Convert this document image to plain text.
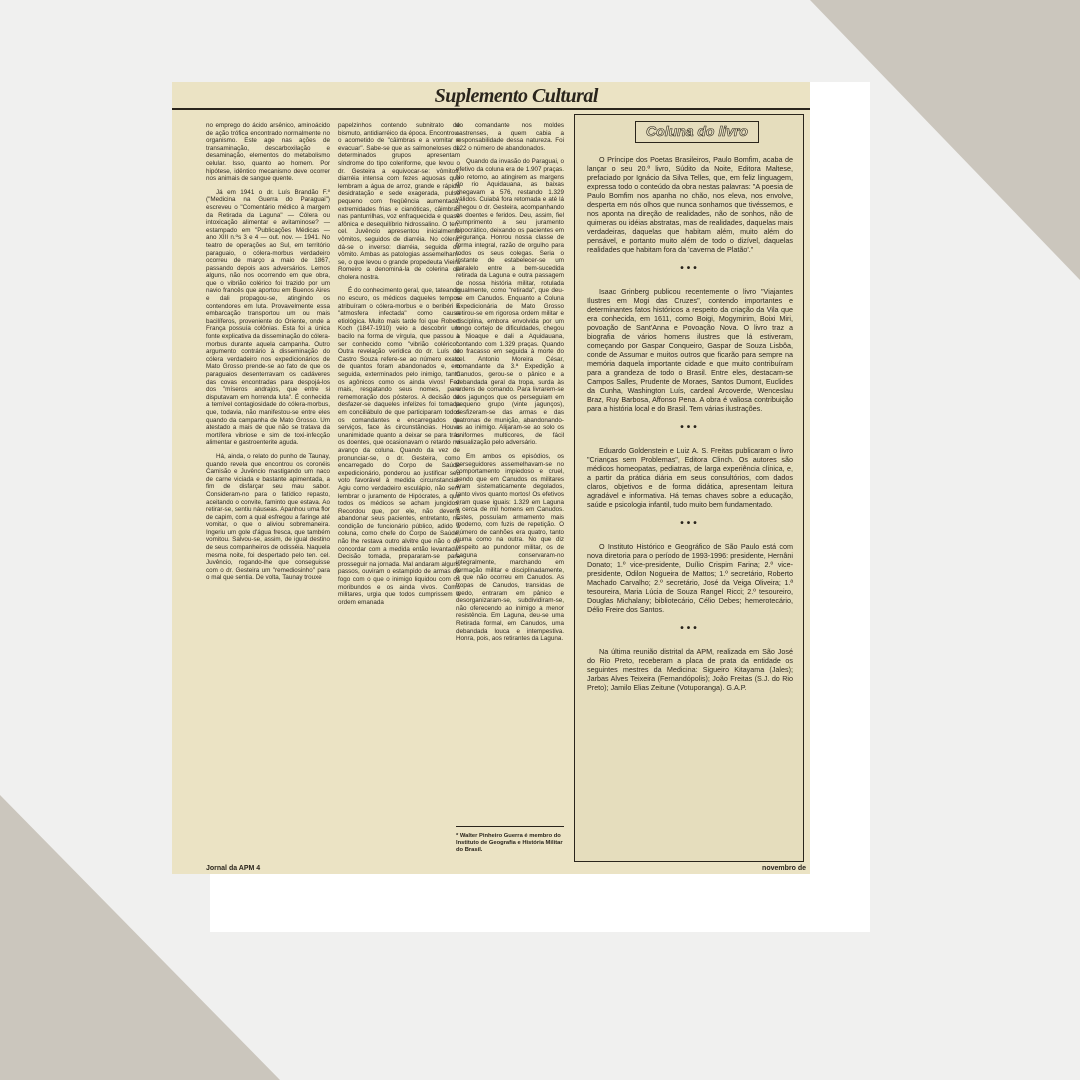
Suplemento Cultural

no emprego do ácido arsênico, aminoácido de ação trófica encontrado normalmente no organismo. Este age nas ações de transaminação, descarboxilação e desaminação, elementos do metabolismo celular. Isso, quanto ao homem. Por hipótese, idêntico mecanismo deve ocorrer nos animais de sangue quente.

Já em 1941 o dr. Luís Brandão F.º ("Medicina na Guerra do Paraguai") escreveu o "Comentário médico à margem da Retirada da Laguna" — Cólera ou intoxicação alimentar e avitaminose? — estampado em "Publicações Médicas — ano XIII n.ºs 3 e 4 — out. nov. — 1941. No teatro de operações ao Sul, em território paraguaio, o cólera-morbus verdadeiro ocorreu de março a maio de 1867, passando depois aos adversários. Lemos alguns, não nos ocorrendo em que obra, que o vibrião colérico foi trazido por um navio francês que aportou em Buenos Aires e dali propagou-se, atingindo os contendores em luta. Provavelmente essa embarcação transportou um ou mais bacilíferos, proveniente do Oriente, onde a França possuía colônias. Esta foi a única fonte explicativa da disseminação do cólera-morbus durante aquela campanha. Outro argumento contrário à disseminação do cólera verdadeiro nos expedicionários de Mato Grosso prende-se ao fato de que os paraguaios desenterravam os cadáveres das covas encontradas para despojá-los dos "míseros andrajos, que entre si disputavam em horrenda luta". É conhecida a temível contagiosidade do cólera-morbus, que, todavia, não manifestou-se entre eles quando da campanha de Mato Grosso. Um atestado a mais de que não se tratava da mortífera vibriose e sim de toxi-infecção alimentar e gastroenterite aguda.

Há, ainda, o relato do punho de Taunay, quando revela que encontrou os coronéis Camisão e Juvêncio mastigando um naco de carne viciada e bastante apimentada, a fim de disfarçar seu mau sabor. Consideram-no para o fatídico repasto, aceitando o convite, faminto que estava. Ao retirar-se, sentiu náuseas. Apanhou uma flor de capim, com a qual esfregou a faringe até vomitar, o que o aliviou sobremaneira. Ingeriu um gole d'água fresca, que também vomitou. Salvou-se, assim, de igual destino de seus companheiros de odisséia. Naquela mesma noite, foi despertado pelo ten. cel. Juvêncio, rogando-lhe que conseguisse com o dr. Gesteira um "remediosinho" para o mal que sentia. De volta, Taunay trouxe

papelzinhos contendo subnitrato de bismuto, antidiarréico da época. Encontrou-o acometido de "câimbras e a vomitar e evacuar". Sabe-se que as salmoneloses de determinados grupos apresentam síndrome do tipo coleriforme, que levou o dr. Gesteira a equivocar-se: vômitos, diarréia intensa com fezes aquosas que lembram a água de arroz, grande e rápida desidratação e sede exagerada, pulso pequeno com freqüência aumentada, extremidades frias e cianóticas, câimbras nas panturrilhas, voz enfraquecida e quase afônica e desequilíbrio hidrossalino. O ten. cel. Juvêncio apresentou inicialmente vômitos, seguidos de diarréia. No cólera, dá-se o inverso: diarréia, seguida de vômito. Ambas as patologias assemelham-se, o que levou o grande propedeuta Vieira Romeiro a denominá-la de colerina ou cholera nostra.

É do conhecimento geral, que, tateando no escuro, os médicos daqueles tempos atribuíram o cólera-morbus e o beribéri à "atmosfera infectada" como causa etiológica. Muito mais tarde foi que Robert Koch (1847-1910) veio a descobrir um bacilo na forma de vírgula, que passou a ser conhecido como "vibrião colérico". Outra revelação verídica do dr. Luís de Castro Souza refere-se ao número exato de quantos foram abandonados e, em seguida, exterminados pelo inimigo, tanto os agônicos como os ainda vivos! Fez mais, resgatando seus nomes, para rememoração dos pósteros. A decisão de desfazer-se daqueles infelizes foi tomada em conciliábulo de que participaram todos os comandantes e encarregados de serviços, face às circunstâncias. Houve unanimidade quanto a deixar se para trás os doentes, que ocasionavam o retardo no avanço da coluna. Quando da vez de pronunciar-se, o dr. Gesteira, como encarregado do Corpo de Saúde expedicionário, ponderou ao justificar seu voto favorável à medida circunstancial. Agiu como verdadeiro esculápio, não sem lembrar o juramento de Hipócrates, a que todos os médicos se acham jungidos. Recordou que, por ele, não deveria abandonar seus pacientes, entretanto, na condição de funcionário público, adido à coluna, como chefe do Corpo de Saúde, não lhe restava outro alvitre que não o de concordar com a medida então levantada! Decisão tomada, prepararam-se para prosseguir na jornada. Mal andaram alguns passos, ouviram o estampido de armas de fogo com o que o inimigo liquidou com os moribundos e os ainda vivos. Como militares, urgia que todos cumprissem a ordem emanada

do comandante nos moldes castrenses, a quem cabia a responsabilidade dessa natureza. Foi 122 o número de abandonados.

Quando da invasão do Paraguai, o efetivo da coluna era de 1.907 praças. No retorno, ao atingirem as margens do rio Aquidauana, as baixas chegavam a 576, restando 1.329 válidos. Cuiabá fora retomada e até lá chegou o dr. Gesteira, acompanhando os doentes e feridos. Deu, assim, fiel cumprimento a seu juramento hipocrático, deixando os pacientes em segurança. Honrou nossa classe de forma integral, razão de orgulho para todos os seus colegas. Seria o instante de estabelecer-se um paralelo entre a bem-sucedida retirada da Laguna e outra passagem de nossa história militar, rotulada igualmente, como "retirada", que deu-se em Canudos. Enquanto a Coluna Expedicionária de Mato Grosso retirou-se em rigorosa ordem militar e disciplina, embora envolvida por um longo cortejo de dificuldades, chegou à Nioaque e dali a Aquidauana, contando com 1.329 praças. Quando do fracasso em seguida à morte do cel. Antonio Moreira César, comandante da 3.ª Expedição a Canudos, gerou-se o pânico e a debandada geral da tropa, surda às ordens de comando. Para livrarem-se dos jagunços que os perseguiam em pequeno grupo (vinte jagunços), desfizeram-se das armas e das patronas de munição, abandonando-as ao inimigo. Alijaram-se ao solo os uniformes multicores, de fácil visualização pelo adversário.

Em ambos os episódios, os perseguidores assemelhavam-se no comportamento impiedoso e cruel, sendo que em Canudos os militares eram sistematicamente degolados, tanto vivos quanto mortos! Os efetivos eram quase iguais: 1.329 em Laguna e cerca de mil homens em Canudos. Estes, possuíam armamento mais moderno, com fuzis de repetição. O número de canhões era quatro, tanto numa como na outra. No que diz respeito ao pundonor militar, os de Laguna conservaram-no integralmente, marchando em formação militar e disciplinadamente, o que não ocorreu em Canudos. As tropas de Canudos, transidas de medo, entraram em pânico e desorganizaram-se, subdividiram-se, não oferecendo ao inimigo a menor resistência. Em Laguna, deu-se uma Retirada formal, em Canudos, uma debandada louca e intempestiva. Honra, pois, aos retirantes da Laguna.

* Walter Pinheiro Guerra é membro do Instituto de Geografia e História Militar do Brasil.
Coluna do livro

O Príncipe dos Poetas Brasileiros, Paulo Bomfim, acaba de lançar o seu 20.º livro, Súdito da Noite, Editora Maltese, prefaciado por Ignácio da Silva Telles, que, em feliz linguagem, expressa todo o conteúdo da obra nestas palavras: "A poesia de Paulo Bomfim nos apanha no chão, nos eleva, nos envolve, desperta em nós olhos que nunca sonhamos que tivéssemos, e nos aponta na direção de realidades, não de sonhos, não de quimeras ou idéias abstratas, mas de realidades, daquelas mais verdadeiras, daquelas que habitam além, muito além do pensável, e portanto muito além de todo o dizível, daquelas realidades que habitam fora da 'caverna de Platão'."

•••

Isaac Grinberg publicou recentemente o livro "Viajantes Ilustres em Mogi das Cruzes", contendo importantes e determinantes fatos históricos a respeito da criação da Vila que era conhecida, em 1611, como Boigi, Mogymirim, Boixi Miri, povoação de Sant'Anna e Povoação Nova. O livro traz a biografia de vários homens ilustres que lá estiveram, começando por Gaspar Conqueiro, Gaspar de Souza Lisbôa, conde de Assumar e muitos outros que ficarão para sempre na memória daquela importante cidade e que muito contribuíram para a grandeza de todo o Brasil. Entre eles, destacam-se Campos Salles, Prudente de Moraes, Santos Dumont, Euclides da Cunha, Washington Luís, cardeal Arcoverde, Wenceslau Braz, Ruy Barbosa, Affonso Pena. A obra é valiosa contribuição para a história local e do Brasil. Tem várias ilustrações.

•••

Eduardo Goldenstein e Luiz A. S. Freitas publicaram o livro "Crianças sem Problemas", Editora Clinch. Os autores são médicos homeopatas, pediatras, de larga experiência clínica, e, a partir da prática diária em seus consultórios, com dados claros, objetivos e de forma didática, apresentam leitura agradável e informativa. Há temas chaves sobre a educação, saúde e psicologia infantil, tudo muito bem fundamentado.

•••

O Instituto Histórico e Geográfico de São Paulo está com nova diretoria para o período de 1993-1996: presidente, Hernâni Donato; 1.º vice-presidente, Duílio Crispim Farina; 2.º vice-presidente, Odilon Nogueira de Mattos; 1.º secretário, Roberto Machado Carvalho; 2.º secretário, José da Veiga Oliveira; 1.ª tesoureira, Maria Lúcia de Souza Rangel Ricci; 2.º tesoureiro, Douglas Michalany; bibliotecário, Célio Debes; hemerotecário, Délio Freire dos Santos.

•••

Na última reunião distrital da APM, realizada em São José do Rio Preto, receberam a placa de prata da entidade os seguintes mestres da Medicina: Sigueiro Kitayama (Jales); Jarbas Alves Teixeira (Fernandópolis); João Freitas (S.J. do Rio Preto); Jamilo Elias Zeitune (Votuporanga). G.A.P.

Jornal da APM 4	novembro de
